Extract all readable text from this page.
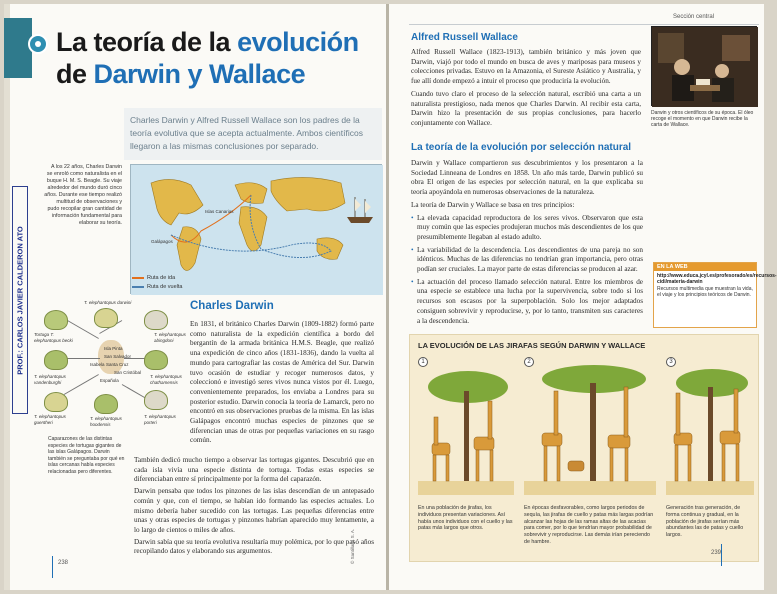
La teoría de la evolución
de Darwin y Wallace

Charles Darwin y Alfred Russell Wallace son los padres de la teoría evolutiva que se acepta actualmente. Ambos científicos llegaron a las mismas conclusiones por separado.

A los 22 años, Charles Darwin se enroló como naturalista en el buque H. M. S. Beagle. Su viaje alrededor del mundo duró cinco años. Durante ese tiempo realizó multitud de observaciones y pudo recopilar gran cantidad de información fundamental para elaborar su teoría.

Islas Canarias
Galápagos
Ruta de ida
Ruta de vuelta
PROF.: CARLOS JAVIER CALDERON ATO	T. elephantopus darwini
Tortuga T. elephantopus becki
T. elephantopus abingdoni
T. elephantopus vandenburghi
T. elephantopus chathamensis
T. elephantopus guentheri
T. elephantopus hoodensis
T. elephantopus porteri
Isla Pinta
San Salvador
Isabela Santa Cruz
San Cristóbal
Española

Caparazones de las distintas especies de tortugas gigantes de las islas Galápagos. Darwin también se preguntaba por qué en islas cercanas había especies relacionadas pero diferentes.

Charles Darwin

En 1831, el británico Charles Darwin (1809-1882) formó parte como naturalista de la expedición científica a bordo del bergantín de la armada británica H.M.S. Beagle, que realizó una expedición de cinco años (1831-1836), dando la vuelta al mundo para cartografiar las costas de América del Sur. Darwin tuvo ocasión de estudiar y recoger numerosos datos, y coleccionó e investigó seres vivos nunca vistos por él. Luego, convenientemente preparados, los enviaba a Londres para su posterior estudio. Darwin conocía la teoría de Lamarck, pero no encontró en sus observaciones pruebas de la misma. En las islas Galápagos encontró muchas especies de pinzones que se diferencian unas de otras por pequeñas variaciones en su rasgo común.

También dedicó mucho tiempo a observar las tortugas gigantes. Descubrió que en cada isla vivía una especie distinta de tortuga. Todas estas especies se diferenciaban entre sí principalmente por la forma del caparazón.

Darwin pensaba que todos los pinzones de las islas descendían de un antepasado común y que, con el tiempo, se habían ido formando las especies actuales. Lo mismo debería haber sucedido con las tortugas. Las pequeñas diferencias entre unas y otras especies de tortugas y pinzones habrían aparecido muy lentamente, a lo largo de cientos o miles de años.

Darwin sabía que su teoría evolutiva resultaría muy polémica, por lo que pasó años recopilando datos y elaborando sus argumentos.	© Santillana S. A.
238
Sección central
Alfred Russell Wallace

Alfred Russell Wallace (1823-1913), también británico y más joven que Darwin, viajó por todo el mundo en busca de aves y mariposas para museos y colecciones privadas. Estuvo en la Amazonia, el Sureste Asiático y Australia, y fue allí donde empezó a intuir el proceso que produciría la evolución.

Cuando tuvo claro el proceso de la selección natural, escribió una carta a un naturalista prestigioso, nada menos que Charles Darwin. Al recibir esta carta, Darwin hizo la presentación de sus propias conclusiones, para hacerlo conjuntamente con Wallace.

Darwin y otros científicos de su época. El óleo recoge el momento en que Darwin recibe la carta de Wallace.

La teoría de la evolución por selección natural

Darwin y Wallace compartieron sus descubrimientos y los presentaron a la Sociedad Linneana de Londres en 1858. Un año más tarde, Darwin publicó su obra El origen de las especies por selección natural, en la que explicaba su teoría apoyándola en numerosas observaciones de la naturaleza.

La teoría de Darwin y Wallace se basa en tres principios:

• La elevada capacidad reproductora de los seres vivos. Observaron que esta muy común que las especies produjeran muchos más descendientes de los que presumiblemente llegaban al estado adulto.
• La variabilidad de la descendencia. Los descendientes de una pareja no son idénticos. Muchas de las diferencias no tendrían gran importancia, pero otras podían ser cruciales. La mayor parte de estas diferencias se producen al azar.
• La actuación del proceso llamado selección natural. Entre los miembros de una especie se establece una lucha por la supervivencia, sobre todo si los recursos son escasos por la superpoblación. Solo los mejor adaptados consiguen sobrevivir y reproducirse, y, por lo tanto, transmiten sus caracteres a la descendencia.
EN LA WEB
http://www.educa.jcyl.es/profesorado/es/recursos-cidi/materia-darwin
Recursos multimedia que muestran la vida, el viaje y los principios teóricos de Darwin.
LA EVOLUCIÓN DE LAS JIRAFAS SEGÚN DARWIN Y WALLACE
1	2	3

En una población de jirafas, los individuos presentan variaciones. Así había unos individuos con el cuello y las patas más largos que otros.

En épocas desfavorables, como largos periodos de sequía, las jirafas de cuello y patas más largas podrían alcanzar las hojas de las ramas altas de las acacias para comer, por lo que tendrían mayor probabilidad de sobrevivir y reproducirse. Las demás irían pereciendo de hambre.

Generación tras generación, de forma continua y gradual, en la población de jirafas serían más abundantes las de patas y cuello largos.

239
